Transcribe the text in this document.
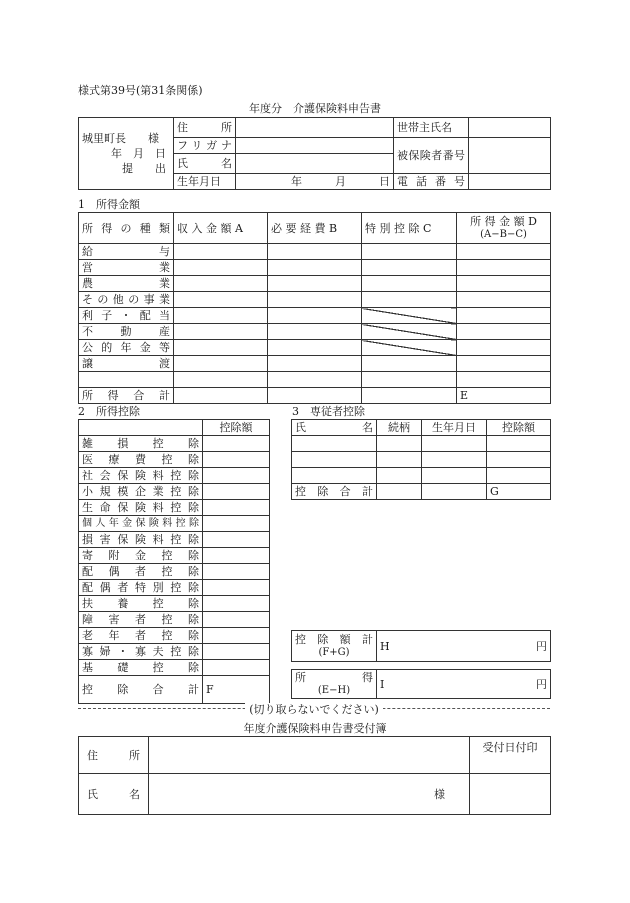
様式第39号(第31条関係)
年度分　介護保険料申告書
城里町長　　様
年　月　日
提　　出	住　　所		世帯主氏名	
	フリガナ		被保険者番号	
	氏　　名			
	生年月日	年　　　月　　　日	電 話 番 号	
1　所得金額
所得の種類	収 入 金 額 A	必 要 経 費 B	特 別 控 除 C	所 得 金 額 D
(A−B−C)

給　　与				
営　　業				
農　　業				
その他の事業				
利子・配当				
不　動　産				
公的年金等				
譲　　渡				

所　得　合　計				E
2　所得控除
	控除額
雑　損　控　除	
医療費控除	
社会保険料控除	
小規模企業控除	
生命保険料控除	
個人年金保険料控除	
損害保険料控除	
寄附金控除	
配偶者控除	
配偶者特別控除	
扶　養　控　除	
障害者控除	
老年者控除	
寡婦・寡夫控除	
基　礎　控　除	
控　除　合　計	F
3　専従者控除
氏　　名	続柄	生年月日	控除額

控　除　合　計			G
控除額計
(F+G)	H	円
所　　得
(E−H)	I	円
(切り取らないでください)
年度介護保険料申告書受付簿
住　　所		受付日付印
氏　　名	様	
